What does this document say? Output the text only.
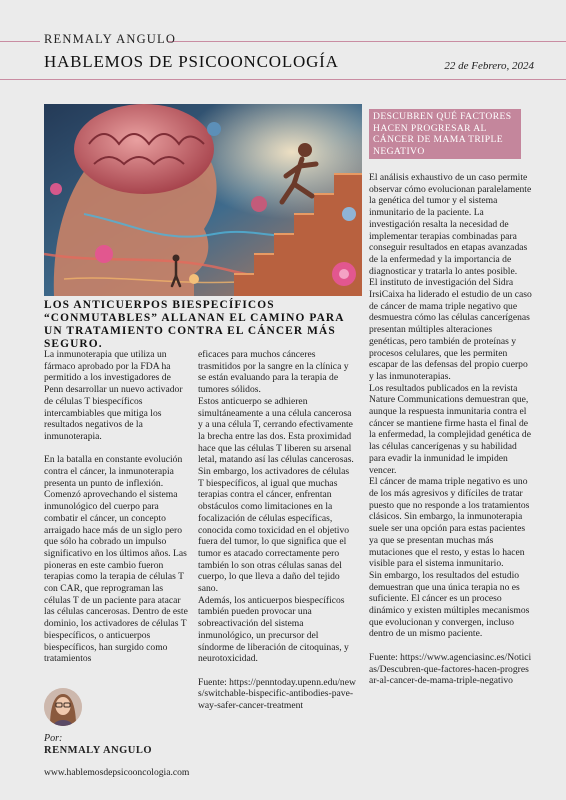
RENMALY ANGULO
HABLEMOS DE PSICOONCOLOGÍA	22 de Febrero, 2024
LOS ANTICUERPOS BIESPECÍFICOS “CONMUTABLES” ALLANAN EL CAMINO PARA UN TRATAMIENTO CONTRA EL CÁNCER MÁS SEGURO.

La inmunoterapia que utiliza un fármaco aprobado por la FDA ha permitido a los investigadores de Penn desarrollar un nuevo activador de células T biespecíficos intercambiables que mitiga los resultados negativos de la inmunoterapia.

En la batalla en constante evolución contra el cáncer, la inmunoterapia presenta un punto de inflexión. Comenzó aprovechando el sistema inmunológico del cuerpo para combatir el cáncer, un concepto arraigado hace más de un siglo pero que sólo ha cobrado un impulso significativo en los últimos años. Las pioneras en este cambio fueron terapias como la terapia de células T con CAR, que reprograman las células T de un paciente para atacar las células cancerosas. Dentro de este dominio, los activadores de células T biespecíficos, o anticuerpos biespecíficos, han surgido como tratamientos

eficaces para muchos cánceres trasmitidos por la sangre en la clínica y se están evaluando para la terapia de tumores sólidos.

Estos anticuerpo se adhieren simultáneamente a una célula cancerosa y a una célula T, cerrando efectivamente la brecha entre las dos. Esta proximidad hace que las células T liberen su arsenal letal, matando así las células cancerosas. Sin embargo, los activadores de células T biespecíficos, al igual que muchas terapias contra el cáncer, enfrentan obstáculos como limitaciones en la focalización de células específicas, conocida como toxicidad en el objetivo fuera del tumor, lo que significa que el tumor es atacado correctamente pero también lo son otras células sanas del cuerpo, lo que lleva a daño del tejido sano.

Además, los anticuerpos biespecíficos también pueden provocar una sobreactivación del sistema inmunológico, un precursor del síndorme de liberación de citoquinas, y neurotoxicidad.

Fuente: https://penntoday.upenn.edu/news/switchable-bispecific-antibodies-pave-way-safer-cancer-treatment

DESCUBREN QUÉ FACTORES HACEN PROGRESAR AL CÁNCER DE MAMA TRIPLE NEGATIVO

El análisis exhaustivo de un caso permite observar cómo evolucionan paralelamente la genética del tumor y el sistema inmunitario de la paciente. La investigación resalta la necesidad de implementar terapias combinadas para conseguir resultados en etapas avanzadas de la enfermedad y la importancia de diagnosticar y tratarla lo antes posible.

El instituto de investigación del Sidra IrsiCaixa ha liderado el estudio de un caso de cáncer de mama triple negativo que desmuestra cómo las células cancerígenas presentan múltiples alteraciones genéticas, pero también de proteínas y procesos celulares, que les permiten escapar de las defensas del propio cuerpo y las inmunoterapias.

Los resultados publicados en la revista Nature Communications demuestran que, aunque la respuesta inmunitaria contra el cáncer se mantiene firme hasta el final de la enfermedad, la complejidad genética de las células cancerígenas y su habilidad para evadir la inmunidad le impiden vencer.

El cáncer de mama triple negativo es uno de los más agresivos y difíciles de tratar puesto que no responde a los tratamientos clásicos. Sin embargo, la inmunoterapia suele ser una opción para estas pacientes ya que se presentan muchas más mutaciones que el resto, y estas lo hacen visible para el sistema inmunitario.

Sin embargo, los resultados del estudio demuestran que una única terapia no es suficiente. El cáncer es un proceso dinámico y existen múltiples mecanismos que evolucionan y convergen, incluso dentro de un mismo paciente.

Fuente: https://www.agenciasinc.es/Noticias/Descubren-que-factores-hacen-progresar-al-cancer-de-mama-triple-negativo

Por:
RENMALY ANGULO
www.hablemosdepsicooncologia.com
